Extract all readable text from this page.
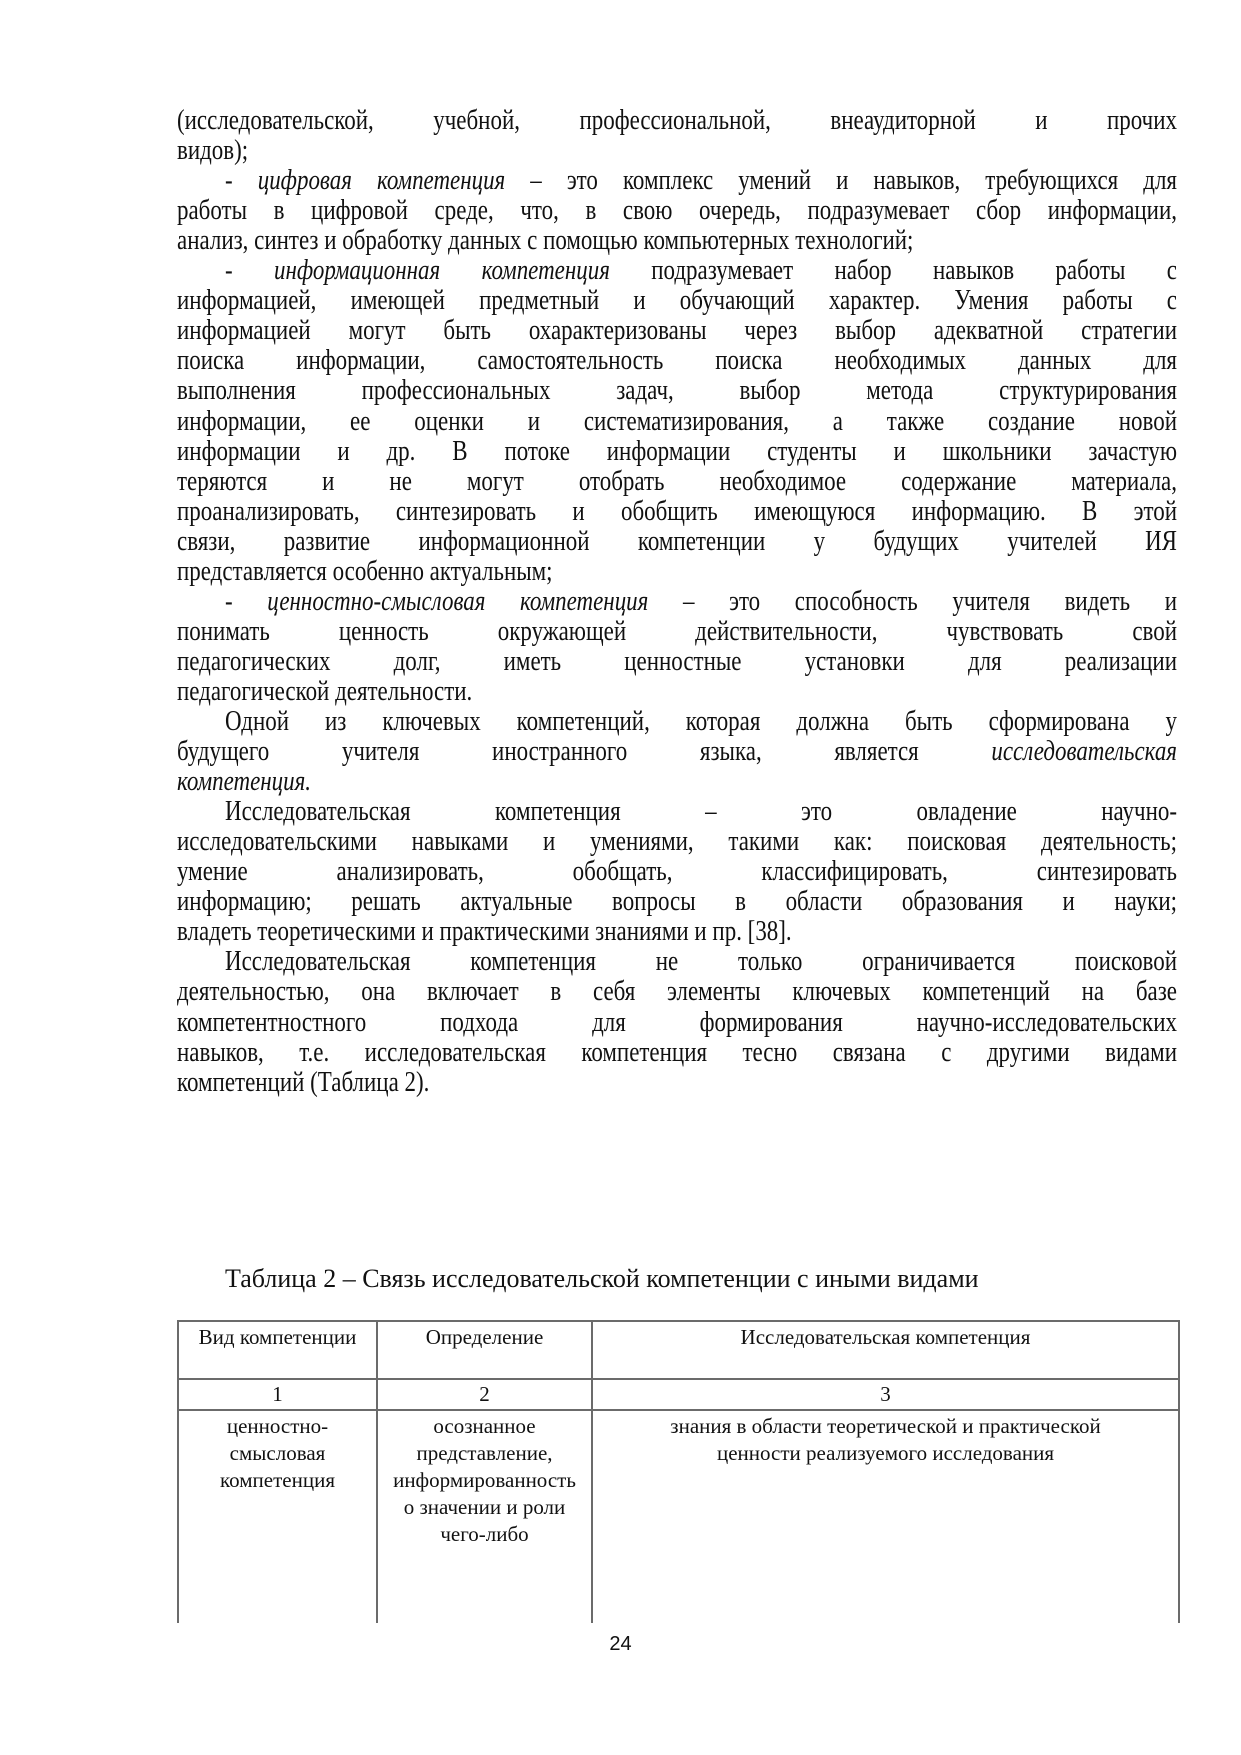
(исследовательской, учебной, профессиональной, внеаудиторной и прочих
видов);
- цифровая компетенция – это комплекс умений и навыков, требующихся для
работы в цифровой среде, что, в свою очередь, подразумевает сбор информации,
анализ, синтез и обработку данных с помощью компьютерных технологий;
- информационная компетенция подразумевает набор навыков работы с
информацией, имеющей предметный и обучающий характер. Умения работы с
информацией могут быть охарактеризованы через выбор адекватной стратегии
поиска информации, самостоятельность поиска необходимых данных для
выполнения профессиональных задач, выбор метода структурирования
информации, ее оценки и систематизирования, а также создание новой
информации и др. В потоке информации студенты и школьники зачастую
теряются и не могут отобрать необходимое содержание материала,
проанализировать, синтезировать и обобщить имеющуюся информацию. В этой
связи, развитие информационной компетенции у будущих учителей ИЯ
представляется особенно актуальным;
- ценностно-смысловая компетенция – это способность учителя видеть и
понимать ценность окружающей действительности, чувствовать свой
педагогических долг, иметь ценностные установки для реализации
педагогической деятельности.
Одной из ключевых компетенций, которая должна быть сформирована у
будущего учителя иностранного языка, является исследовательская
компетенция.
Исследовательская компетенция – это овладение научно-
исследовательскими навыками и умениями, такими как: поисковая деятельность;
умение анализировать, обобщать, классифицировать, синтезировать
информацию; решать актуальные вопросы в области образования и науки;
владеть теоретическими и практическими знаниями и пр. [38].
Исследовательская компетенция не только ограничивается поисковой
деятельностью, она включает в себя элементы ключевых компетенций на базе
компетентностного подхода для формирования научно-исследовательских
навыков, т.е. исследовательская компетенция тесно связана с другими видами
компетенций (Таблица 2).
Таблица 2 – Связь исследовательской компетенции с иными видами
Вид компетенции	Определение	Исследовательская компетенция
1	2	3

ценностно-
смысловая
компетенция	осознанное
представление,
информированность
о значении и роли
чего-либо	знания в области теоретической и практической
ценности реализуемого исследования
24
